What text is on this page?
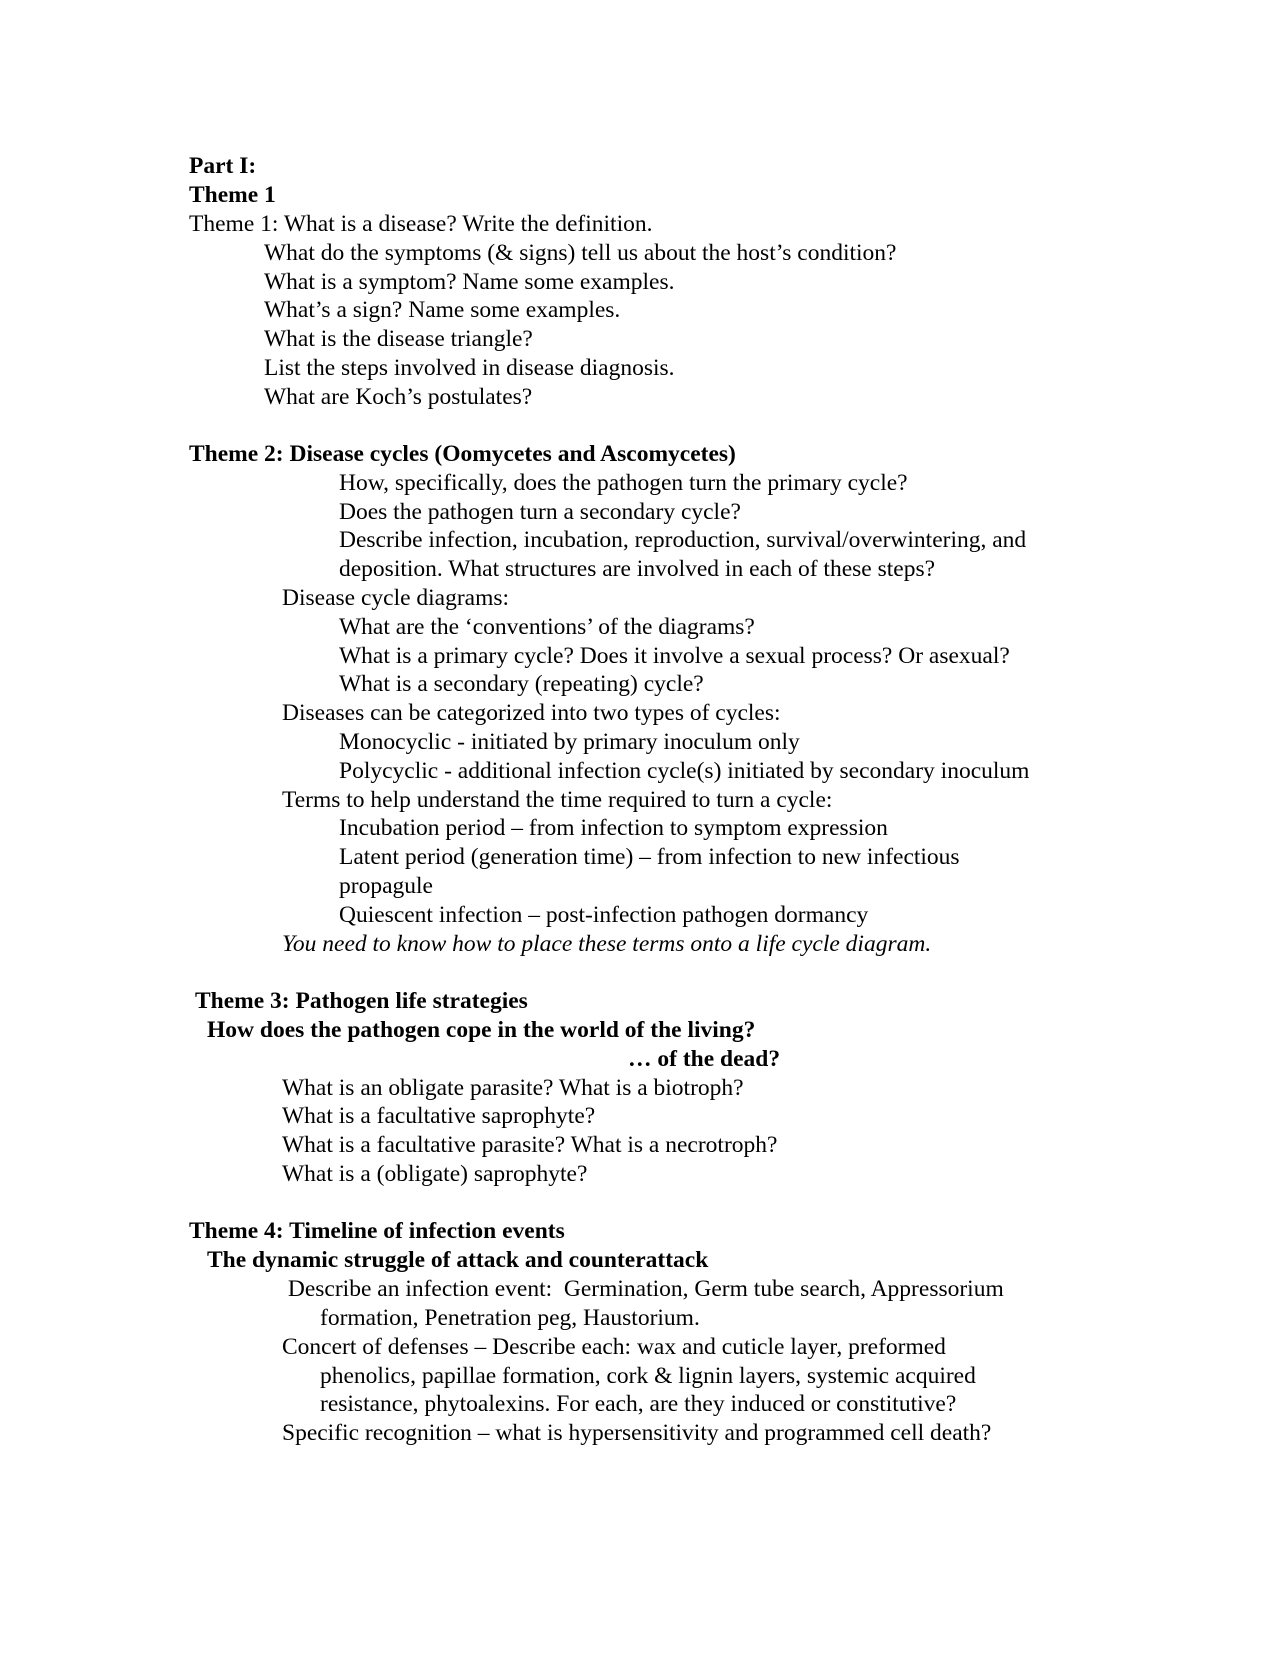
Part I:
Theme 1
Theme 1: What is a disease? Write the definition.
What do the symptoms (& signs) tell us about the host’s condition?
What is a symptom? Name some examples.
What’s a sign? Name some examples.
What is the disease triangle?
List the steps involved in disease diagnosis.
What are Koch’s postulates?
Theme 2: Disease cycles (Oomycetes and Ascomycetes)
How, specifically, does the pathogen turn the primary cycle?
Does the pathogen turn a secondary cycle?
Describe infection, incubation, reproduction, survival/overwintering, and
deposition. What structures are involved in each of these steps?
Disease cycle diagrams:
What are the ‘conventions’ of the diagrams?
What is a primary cycle? Does it involve a sexual process? Or asexual?
What is a secondary (repeating) cycle?
Diseases can be categorized into two types of cycles:
Monocyclic - initiated by primary inoculum only
Polycyclic - additional infection cycle(s) initiated by secondary inoculum
Terms to help understand the time required to turn a cycle:
Incubation period – from infection to symptom expression
Latent period (generation time) – from infection to new infectious
propagule
Quiescent infection – post-infection pathogen dormancy
You need to know how to place these terms onto a life cycle diagram.
Theme 3: Pathogen life strategies
How does the pathogen cope in the world of the living?
… of the dead?
What is an obligate parasite? What is a biotroph?
What is a facultative saprophyte?
What is a facultative parasite? What is a necrotroph?
What is a (obligate) saprophyte?
Theme 4: Timeline of infection events
The dynamic struggle of attack and counterattack
Describe an infection event:  Germination, Germ tube search, Appressorium
formation, Penetration peg, Haustorium.
Concert of defenses – Describe each: wax and cuticle layer, preformed
phenolics, papillae formation, cork & lignin layers, systemic acquired
resistance, phytoalexins. For each, are they induced or constitutive?
Specific recognition – what is hypersensitivity and programmed cell death?
